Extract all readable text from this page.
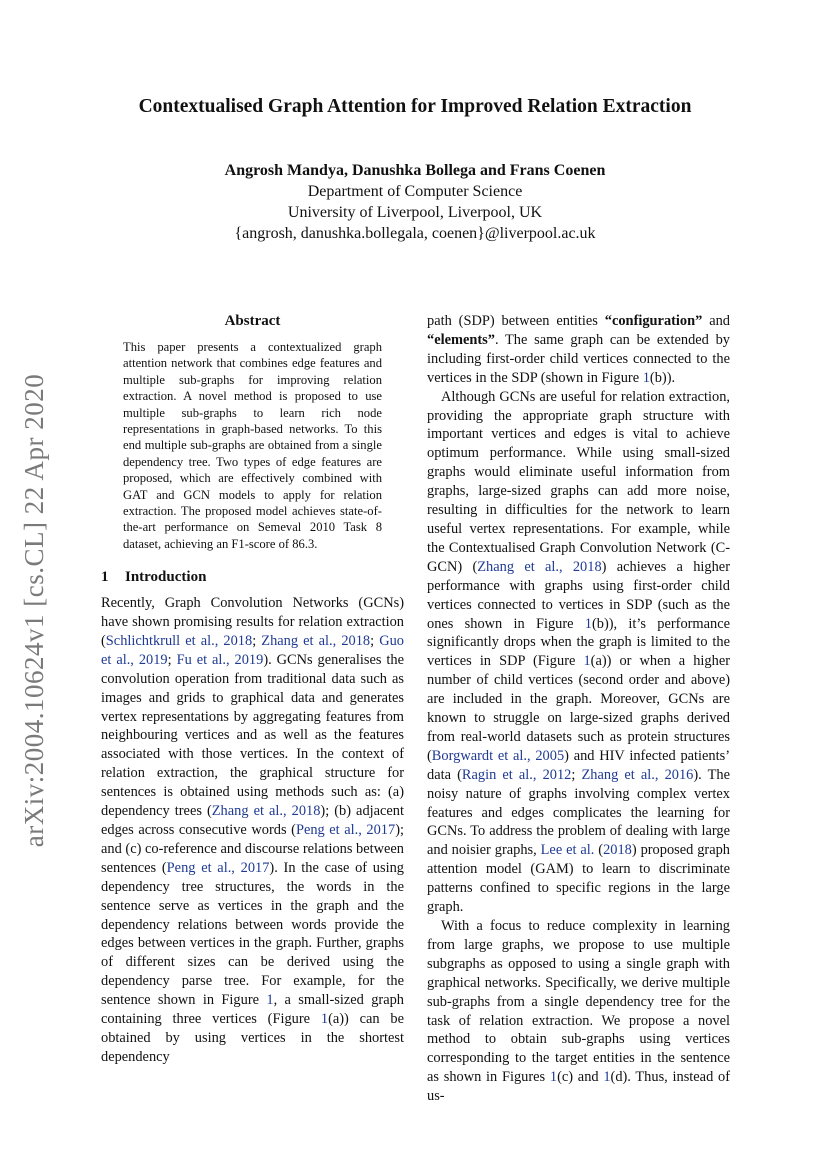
arXiv:2004.10624v1 [cs.CL] 22 Apr 2020
Contextualised Graph Attention for Improved Relation Extraction
Angrosh Mandya, Danushka Bollega and Frans Coenen
Department of Computer Science
University of Liverpool, Liverpool, UK
{angrosh, danushka.bollegala, coenen}@liverpool.ac.uk
Abstract

This paper presents a contextualized graph attention network that combines edge features and multiple sub-graphs for improving relation extraction. A novel method is proposed to use multiple sub-graphs to learn rich node representations in graph-based networks. To this end multiple sub-graphs are obtained from a single dependency tree. Two types of edge features are proposed, which are effectively combined with GAT and GCN models to apply for relation extraction. The proposed model achieves state-of-the-art performance on Semeval 2010 Task 8 dataset, achieving an F1-score of 86.3.

1 Introduction

Recently, Graph Convolution Networks (GCNs) have shown promising results for relation extraction (Schlichtkrull et al., 2018; Zhang et al., 2018; Guo et al., 2019; Fu et al., 2019). GCNs generalises the convolution operation from traditional data such as images and grids to graphical data and generates vertex representations by aggregating features from neighbouring vertices and as well as the features associated with those vertices. In the context of relation extraction, the graphical structure for sentences is obtained using methods such as: (a) dependency trees (Zhang et al., 2018); (b) adjacent edges across consecutive words (Peng et al., 2017); and (c) co-reference and discourse relations between sentences (Peng et al., 2017). In the case of using dependency tree structures, the words in the sentence serve as vertices in the graph and the dependency relations between words provide the edges between vertices in the graph. Further, graphs of different sizes can be derived using the dependency parse tree. For example, for the sentence shown in Figure 1, a small-sized graph containing three vertices (Figure 1(a)) can be obtained by using vertices in the shortest dependency

path (SDP) between entities “configuration” and “elements”. The same graph can be extended by including first-order child vertices connected to the vertices in the SDP (shown in Figure 1(b)).

Although GCNs are useful for relation extraction, providing the appropriate graph structure with important vertices and edges is vital to achieve optimum performance. While using small-sized graphs would eliminate useful information from graphs, large-sized graphs can add more noise, resulting in difficulties for the network to learn useful vertex representations. For example, while the Contextualised Graph Convolution Network (C-GCN) (Zhang et al., 2018) achieves a higher performance with graphs using first-order child vertices connected to vertices in SDP (such as the ones shown in Figure 1(b)), it’s performance significantly drops when the graph is limited to the vertices in SDP (Figure 1(a)) or when a higher number of child vertices (second order and above) are included in the graph. Moreover, GCNs are known to struggle on large-sized graphs derived from real-world datasets such as protein structures (Borgwardt et al., 2005) and HIV infected patients’ data (Ragin et al., 2012; Zhang et al., 2016). The noisy nature of graphs involving complex vertex features and edges complicates the learning for GCNs. To address the problem of dealing with large and noisier graphs, Lee et al. (2018) proposed graph attention model (GAM) to learn to discriminate patterns confined to specific regions in the large graph.

With a focus to reduce complexity in learning from large graphs, we propose to use multiple subgraphs as opposed to using a single graph with graphical networks. Specifically, we derive multiple sub-graphs from a single dependency tree for the task of relation extraction. We propose a novel method to obtain sub-graphs using vertices corresponding to the target entities in the sentence as shown in Figures 1(c) and 1(d). Thus, instead of us-
